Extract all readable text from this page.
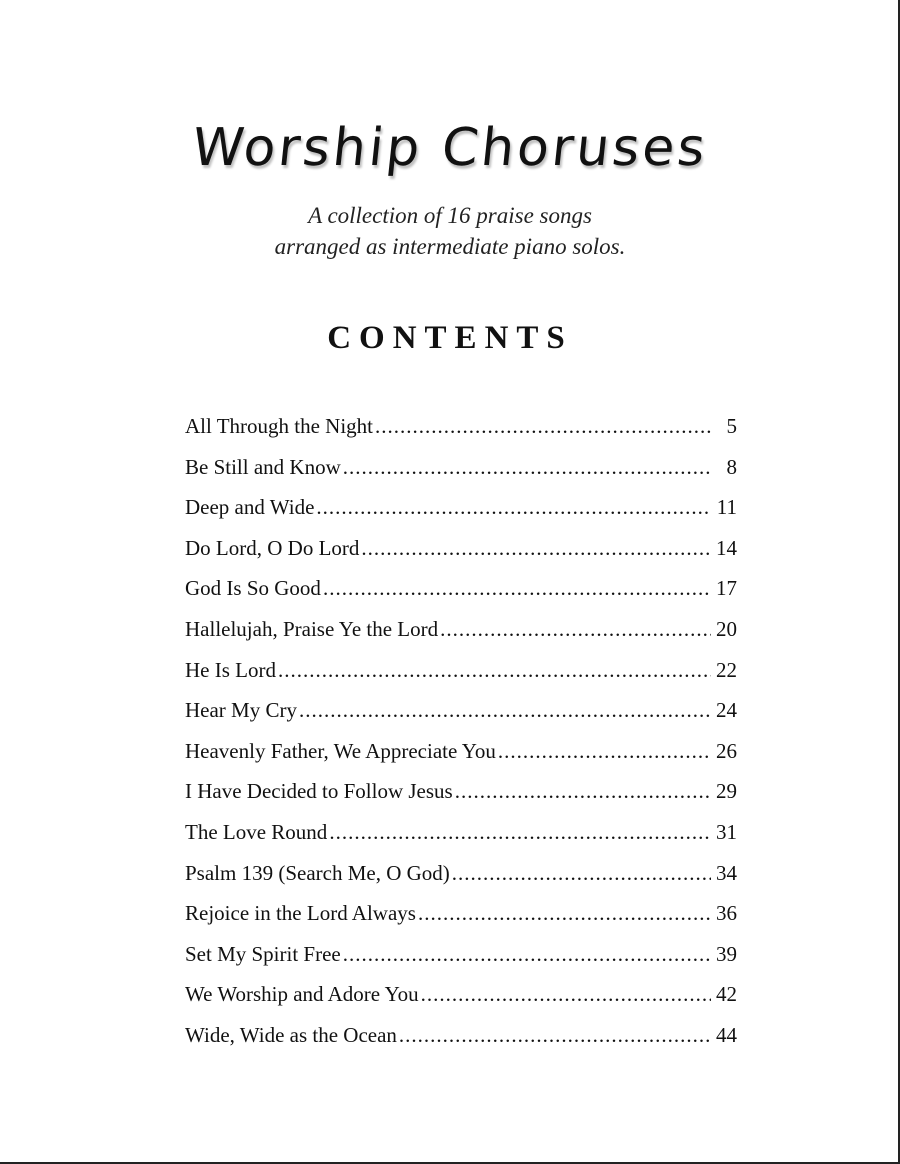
Worship Choruses
A collection of 16 praise songs
arranged as intermediate piano solos.
CONTENTS
All Through the Night .....	5
Be Still and Know .....	8
Deep and Wide .....	11
Do Lord, O Do Lord .....	14
God Is So Good .....	17
Hallelujah, Praise Ye the Lord .....	20
He Is Lord .....	22
Hear My Cry .....	24
Heavenly Father, We Appreciate You .....	26
I Have Decided to Follow Jesus .....	29
The Love Round .....	31
Psalm 139 (Search Me, O God) .....	34
Rejoice in the Lord Always .....	36
Set My Spirit Free .....	39
We Worship and Adore You .....	42
Wide, Wide as the Ocean .....	44
